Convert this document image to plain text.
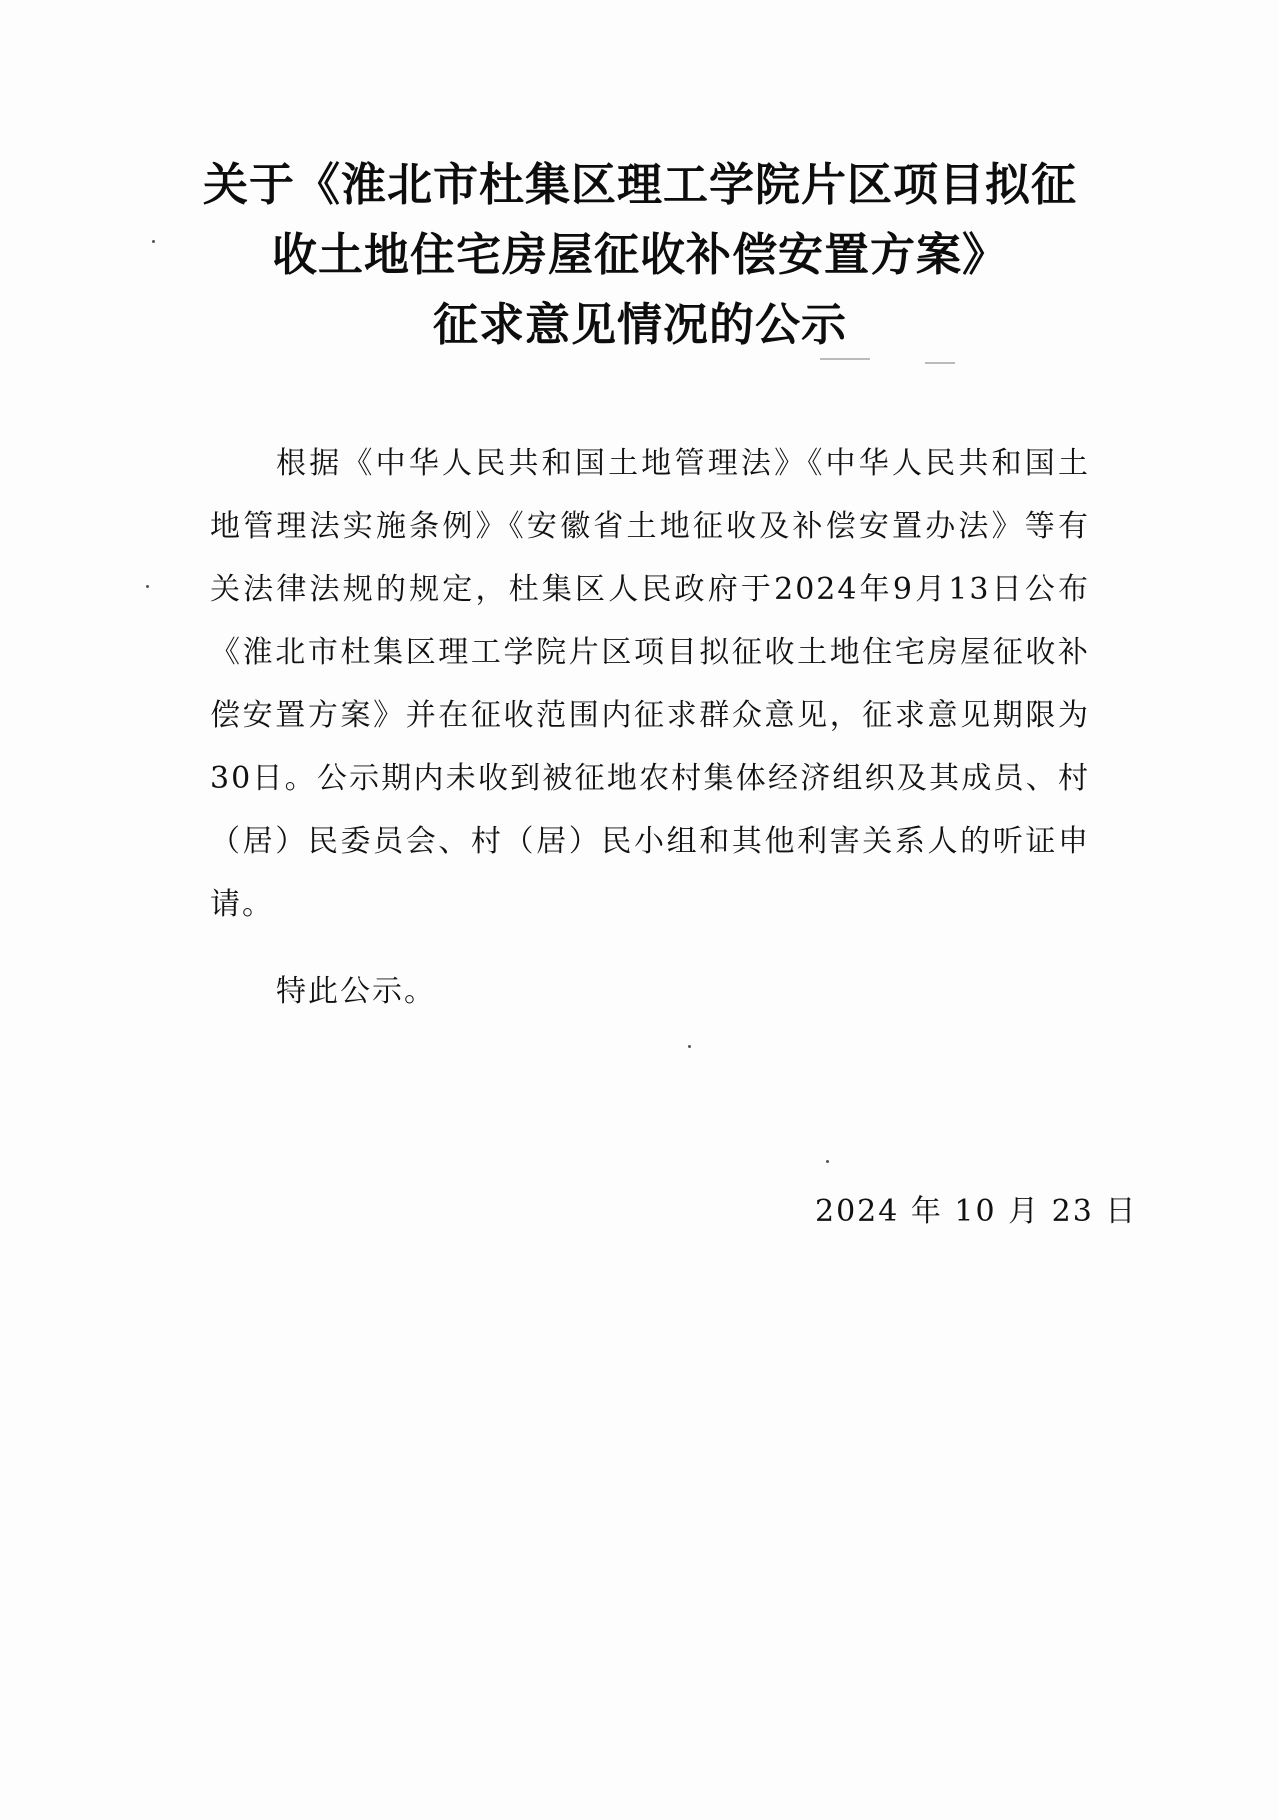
关于《淮北市杜集区理工学院片区项目拟征
收土地住宅房屋征收补偿安置方案》
征求意见情况的公示

根据《中华人民共和国土地管理法》《中华人民共和国土地管理法实施条例》《安徽省土地征收及补偿安置办法》等有关法律法规的规定，杜集区人民政府于2024年9月13日公布《淮北市杜集区理工学院片区项目拟征收土地住宅房屋征收补偿安置方案》并在征收范围内征求群众意见，征求意见期限为30日。公示期内未收到被征地农村集体经济组织及其成员、村（居）民委员会、村（居）民小组和其他利害关系人的听证申请。

特此公示。
2024 年 10 月 23 日
